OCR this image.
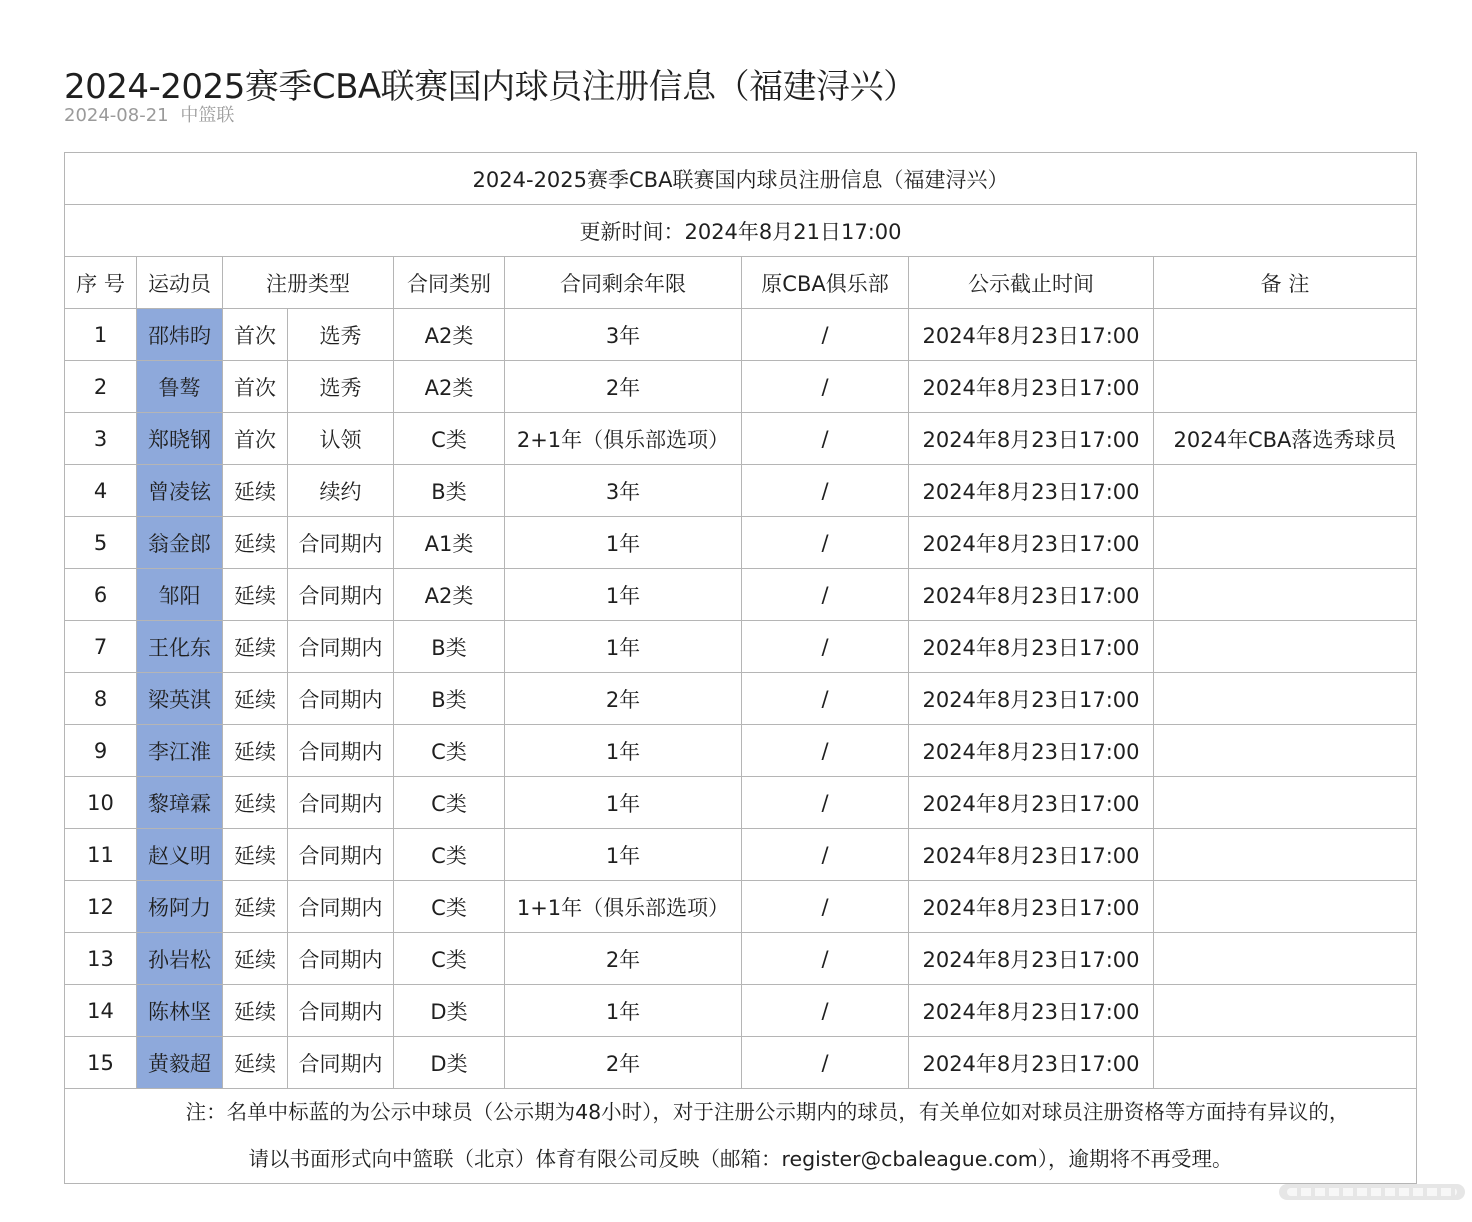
2024-2025赛季CBA联赛国内球员注册信息（福建浔兴）
2024-08-21 中篮联
2024-2025赛季CBA联赛国内球员注册信息（福建浔兴）								
更新时间：2024年8月21日17:00								
序 号	运动员	注册类型		合同类别	合同剩余年限	原CBA俱乐部	公示截止时间	备 注
1	邵炜昀	首次	选秀	A2类	3年	/	2024年8月23日17:00	
2	鲁骜	首次	选秀	A2类	2年	/	2024年8月23日17:00	
3	郑晓钢	首次	认领	C类	2+1年（俱乐部选项）	/	2024年8月23日17:00	2024年CBA落选秀球员
4	曾凌铉	延续	续约	B类	3年	/	2024年8月23日17:00	
5	翁金郎	延续	合同期内	A1类	1年	/	2024年8月23日17:00	
6	邹阳	延续	合同期内	A2类	1年	/	2024年8月23日17:00	
7	王化东	延续	合同期内	B类	1年	/	2024年8月23日17:00	
8	梁英淇	延续	合同期内	B类	2年	/	2024年8月23日17:00	
9	李江淮	延续	合同期内	C类	1年	/	2024年8月23日17:00	
10	黎璋霖	延续	合同期内	C类	1年	/	2024年8月23日17:00	
11	赵义明	延续	合同期内	C类	1年	/	2024年8月23日17:00	
12	杨阿力	延续	合同期内	C类	1+1年（俱乐部选项）	/	2024年8月23日17:00	
13	孙岩松	延续	合同期内	C类	2年	/	2024年8月23日17:00	
14	陈林坚	延续	合同期内	D类	1年	/	2024年8月23日17:00	
15	黄毅超	延续	合同期内	D类	2年	/	2024年8月23日17:00	

注：名单中标蓝的为公示中球员（公示期为48小时），对于注册公示期内的球员，有关单位如对球员注册资格等方面持有异议的，
请以书面形式向中篮联（北京）体育有限公司反映（邮箱：register@cbaleague.com），逾期将不再受理。								
